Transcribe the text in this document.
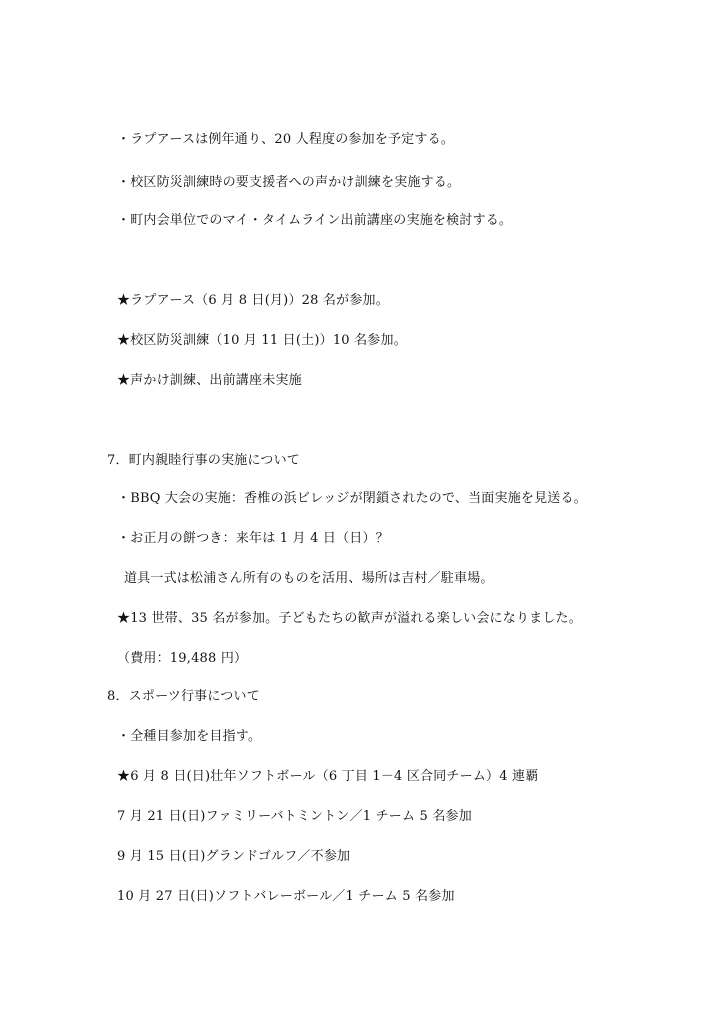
・ラプアースは例年通り、20 人程度の参加を予定する。
・校区防災訓練時の要支援者への声かけ訓練を実施する。
・町内会単位でのマイ・タイムライン出前講座の実施を検討する。
★ラプアース（6 月 8 日(月)）28 名が参加。
★校区防災訓練（10 月 11 日(土)）10 名参加。
★声かけ訓練、出前講座未実施
7．町内親睦行事の実施について
・BBQ 大会の実施：香椎の浜ビレッジが閉鎖されたので、当面実施を見送る。
・お正月の餅つき：来年は 1 月 4 日（日）？
道具一式は松浦さん所有のものを活用、場所は吉村／駐車場。
★13 世帯、35 名が参加。子どもたちの歓声が溢れる楽しい会になりました。
（費用：19,488 円）
8．スポーツ行事について
・全種目参加を目指す。
★6 月 8 日(日)壮年ソフトボール（6 丁目 1－4 区合同チーム）4 連覇
7 月 21 日(日)ファミリーバトミントン／1 チーム 5 名参加
9 月 15 日(日)グランドゴルフ／不参加
10 月 27 日(日)ソフトバレーボール／1 チーム 5 名参加
